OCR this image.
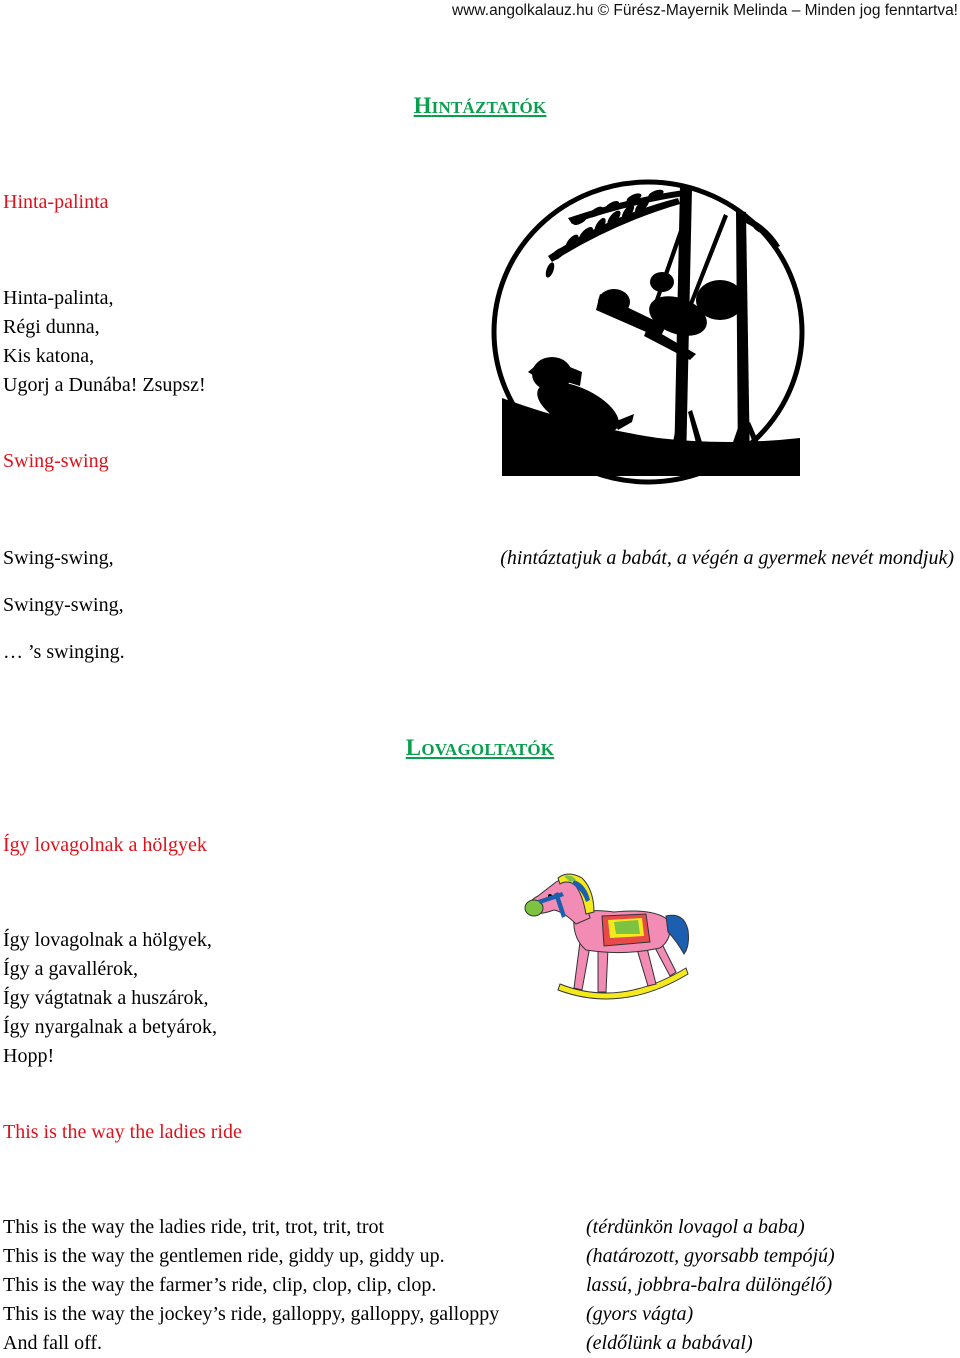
www.angolkalauz.hu © Fürész-Mayernik Melinda – Minden jog fenntartva!
HINTÁZTATÓK
Hinta-palinta
Hinta-palinta,
Régi dunna,
Kis katona,
Ugorj a Dunába! Zsupsz!
Swing-swing
Swing-swing,
Swingy-swing,
… ’s swinging.
(hintáztatjuk a babát, a végén a gyermek nevét mondjuk)
LOVAGOLTATÓK
Így lovagolnak a hölgyek
Így lovagolnak a hölgyek,
Így a gavallérok,
Így vágtatnak a huszárok,
Így nyargalnak a betyárok,
Hopp!
This is the way the ladies ride
This is the way the ladies ride, trit, trot, trit, trot
This is the way the gentlemen ride, giddy up, giddy up.
This is the way the farmer’s ride, clip, clop, clip, clop.
This is the way the jockey’s ride, galloppy, galloppy, galloppy
And fall off.
(térdünkön lovagol a baba)
(határozott, gyorsabb tempójú)
lassú, jobbra-balra dülöngélő)
(gyors vágta)
(eldőlünk a babával)
